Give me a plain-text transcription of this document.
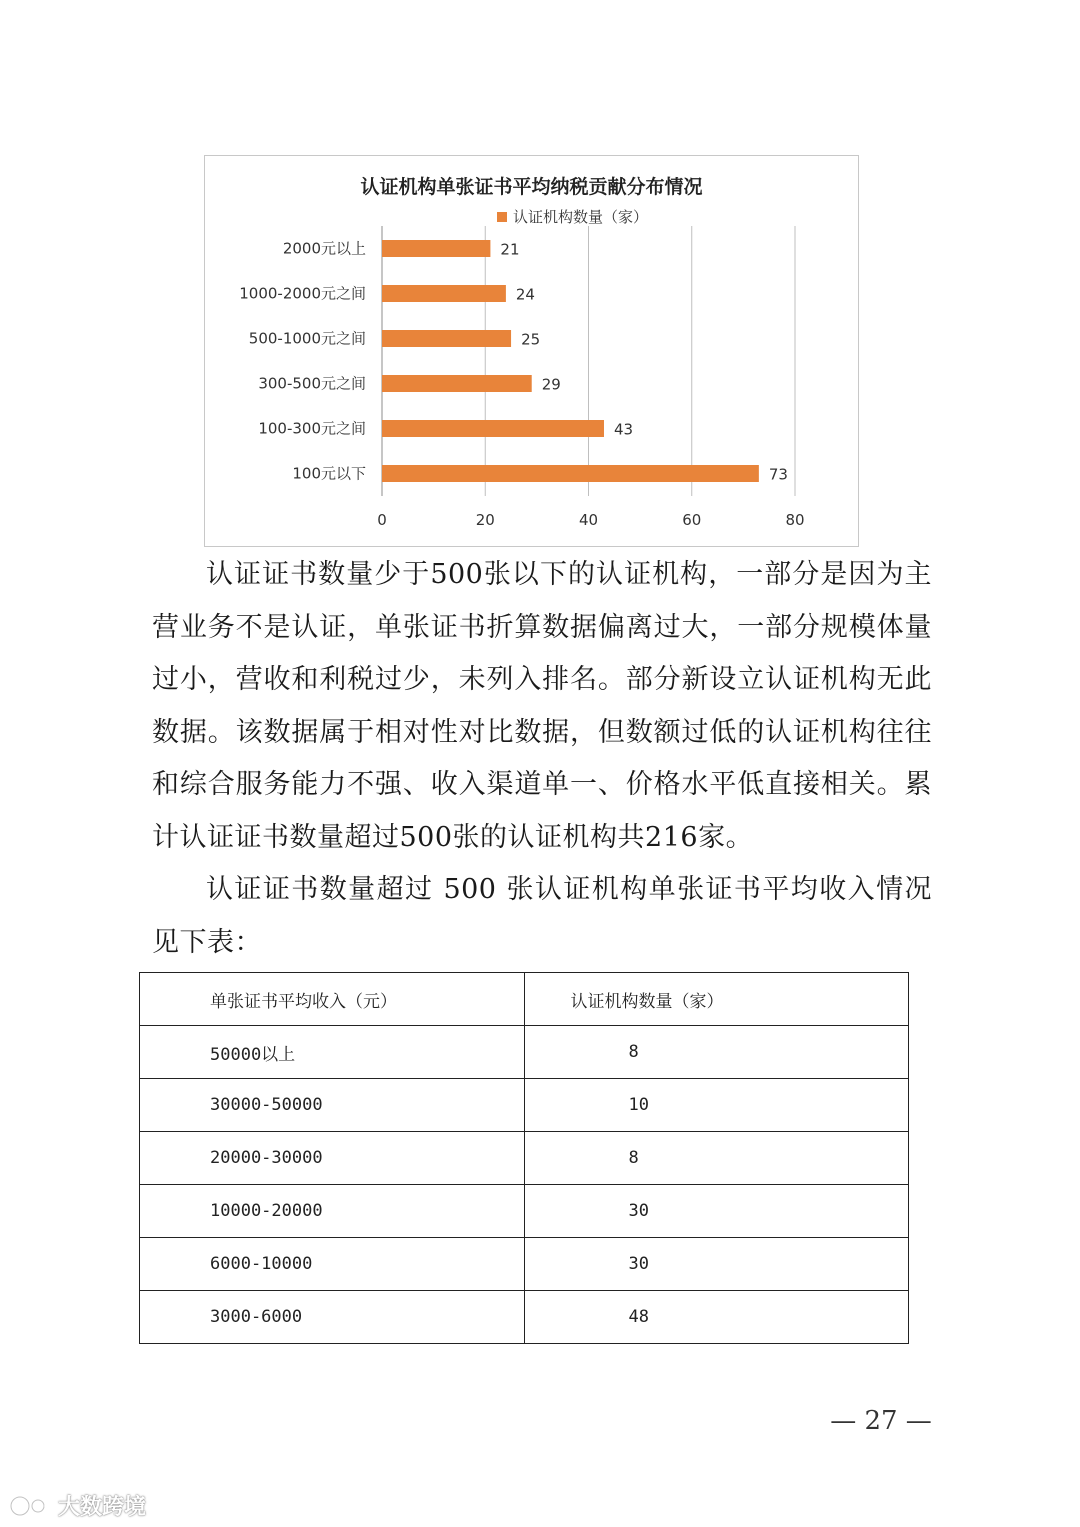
认证机构单张证书平均纳税贡献分布情况
认证机构数量（家）
0	20	40	60	80
2000元以上	21
1000-2000元之间	24
500-1000元之间	25
300-500元之间	29
100-300元之间	43
100元以下	73

认证证书数量少于500张以下的认证机构，一部分是因为主营业务不是认证，单张证书折算数据偏离过大，一部分规模体量过小，营收和利税过少，未列入排名。部分新设立认证机构无此数据。该数据属于相对性对比数据，但数额过低的认证机构往往和综合服务能力不强、收入渠道单一、价格水平低直接相关。累计认证证书数量超过500张的认证机构共216家。

认证证书数量超过 500 张认证机构单张证书平均收入情况见下表：

单张证书平均收入（元）	认证机构数量（家）
50000以上	8
30000-50000	10
20000-30000	8
10000-20000	30
6000-10000	30
3000-6000	48
— 27 —
大数跨境
